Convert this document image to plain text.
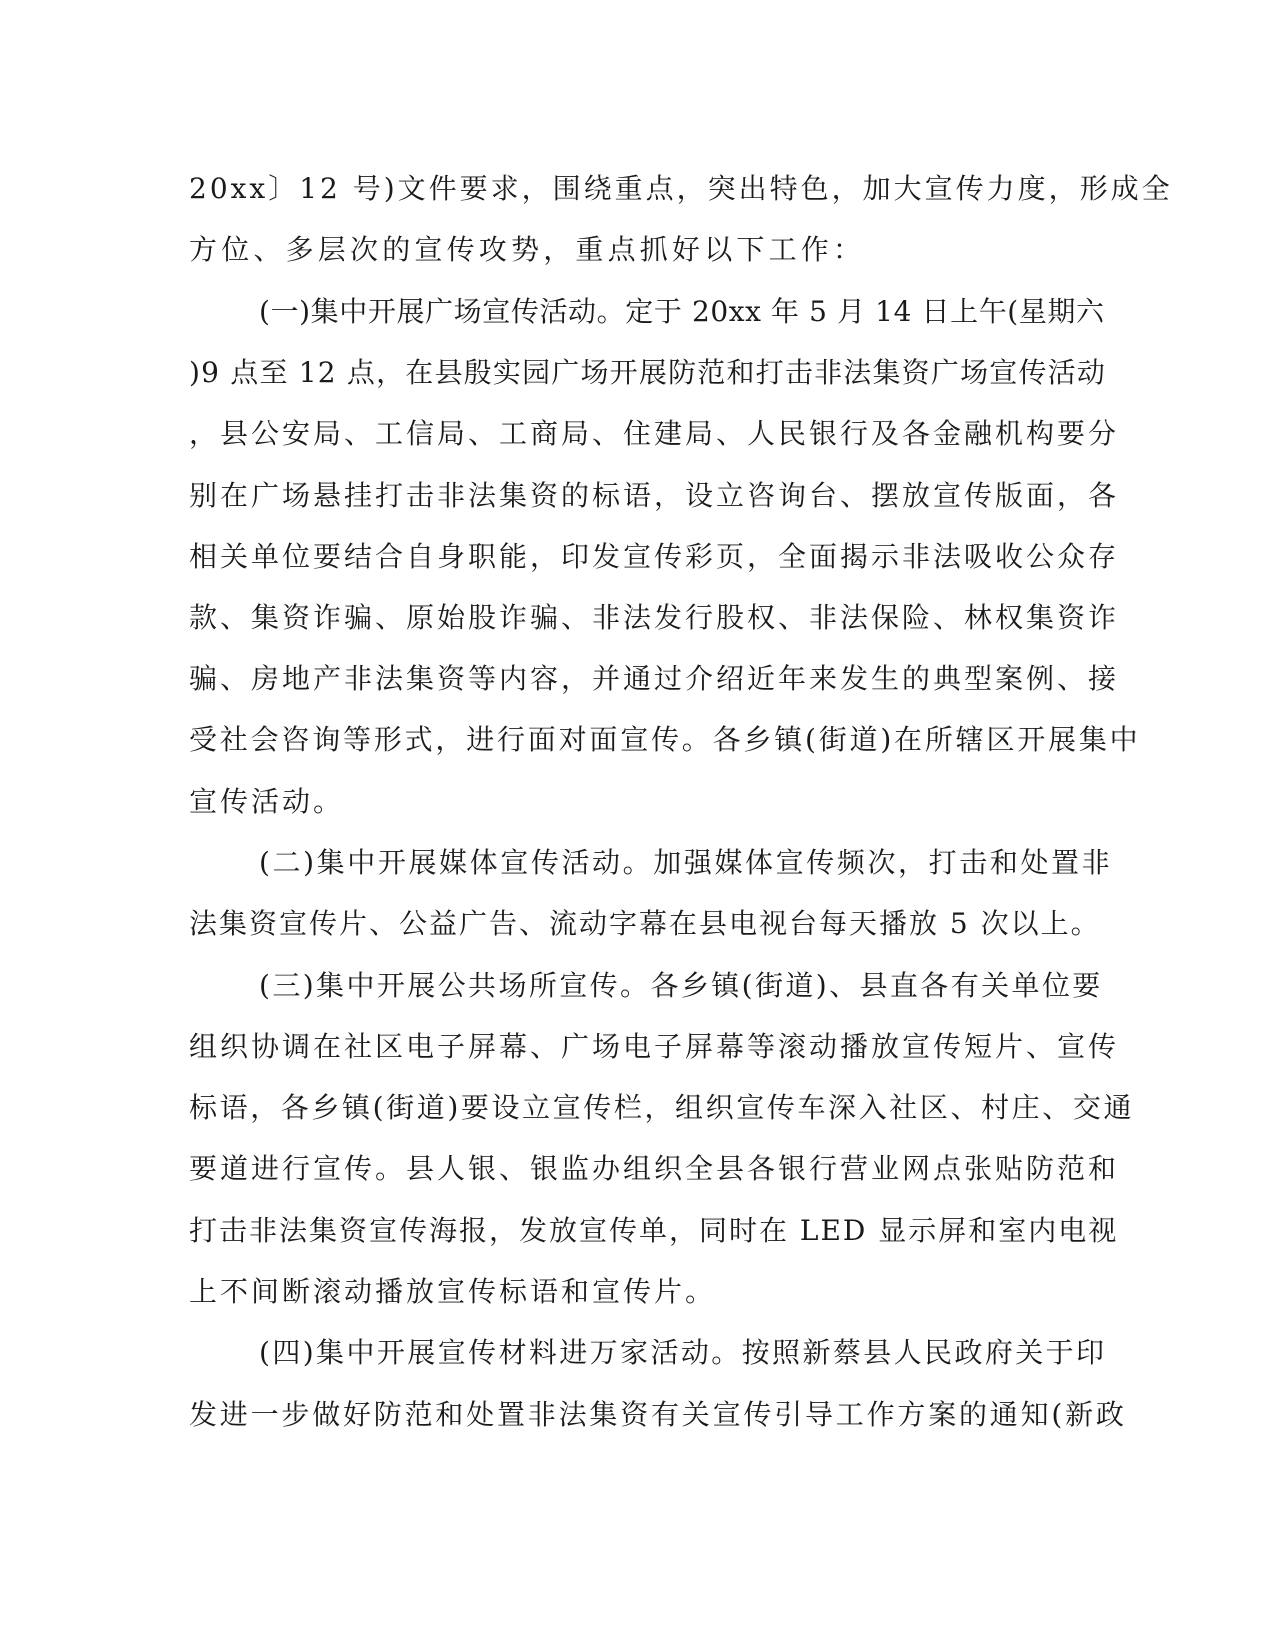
20xx〕12 号)文件要求，围绕重点，突出特色，加大宣传力度，形成全
方位、多层次的宣传攻势，重点抓好以下工作：
(一)集中开展广场宣传活动。定于 20xx 年 5 月 14 日上午(星期六
)9 点至 12 点，在县殷实园广场开展防范和打击非法集资广场宣传活动
，县公安局、工信局、工商局、住建局、人民银行及各金融机构要分
别在广场悬挂打击非法集资的标语，设立咨询台、摆放宣传版面，各
相关单位要结合自身职能，印发宣传彩页，全面揭示非法吸收公众存
款、集资诈骗、原始股诈骗、非法发行股权、非法保险、林权集资诈
骗、房地产非法集资等内容，并通过介绍近年来发生的典型案例、接
受社会咨询等形式，进行面对面宣传。各乡镇(街道)在所辖区开展集中
宣传活动。
(二)集中开展媒体宣传活动。加强媒体宣传频次，打击和处置非
法集资宣传片、公益广告、流动字幕在县电视台每天播放 5 次以上。
(三)集中开展公共场所宣传。各乡镇(街道)、县直各有关单位要
组织协调在社区电子屏幕、广场电子屏幕等滚动播放宣传短片、宣传
标语，各乡镇(街道)要设立宣传栏，组织宣传车深入社区、村庄、交通
要道进行宣传。县人银、银监办组织全县各银行营业网点张贴防范和
打击非法集资宣传海报，发放宣传单，同时在 LED 显示屏和室内电视
上不间断滚动播放宣传标语和宣传片。
(四)集中开展宣传材料进万家活动。按照新蔡县人民政府关于印
发进一步做好防范和处置非法集资有关宣传引导工作方案的通知(新政
